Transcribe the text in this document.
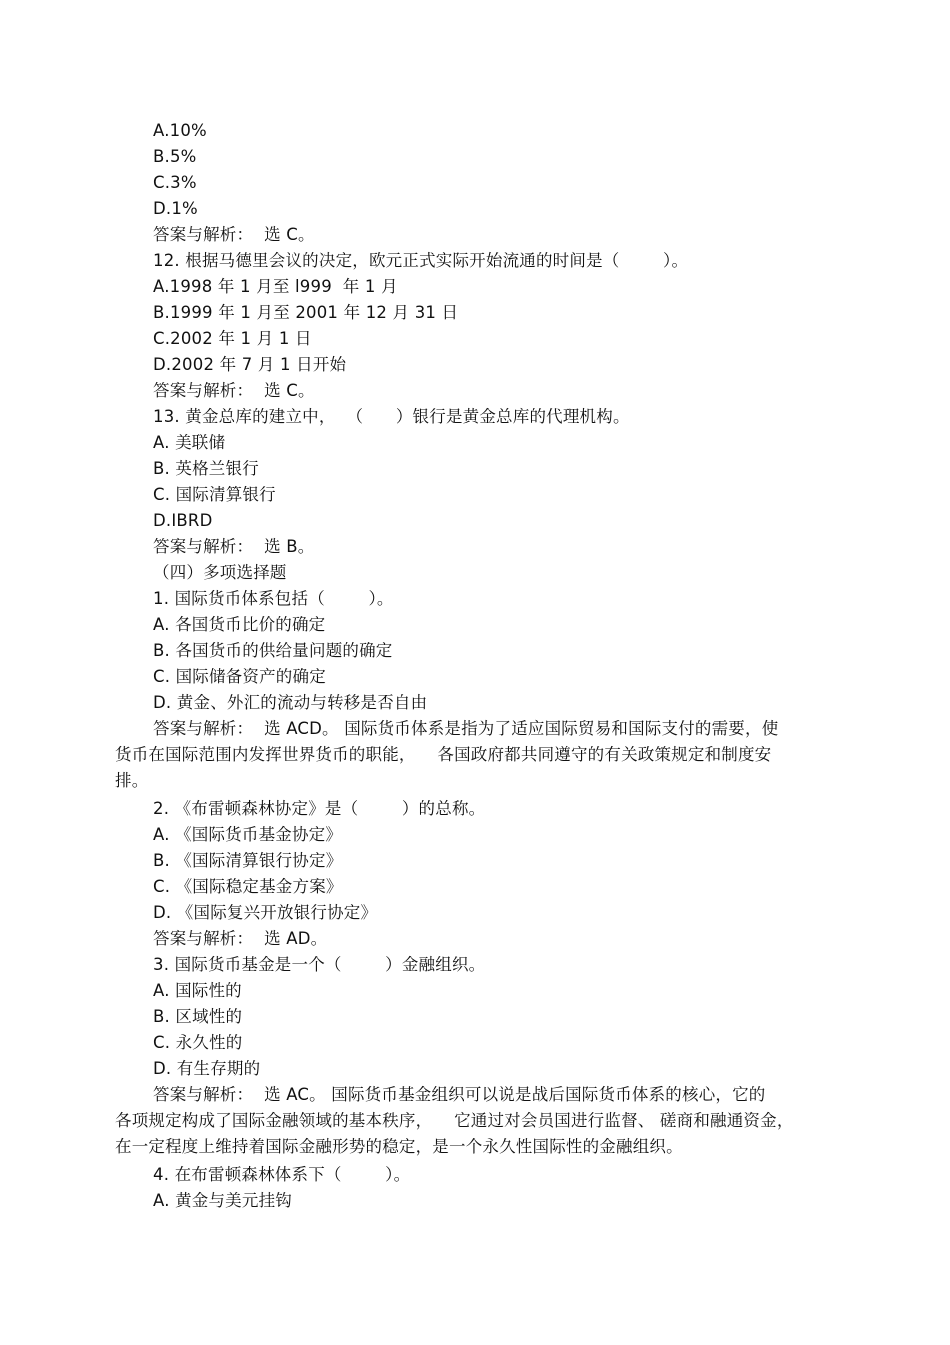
A.10%
B.5%
C.3%
D.1%
答案与解析：  选 C。
12. 根据马德里会议的决定，欧元正式实际开始流通的时间是（        ）。
A.1998 年 1 月至 l999  年 1 月
B.1999 年 1 月至 2001 年 12 月 31 日
C.2002 年 1 月 1 日
D.2002 年 7 月 1 日开始
答案与解析：  选 C。
13. 黄金总库的建立中，  （      ）银行是黄金总库的代理机构。
A. 美联储
B. 英格兰银行
C. 国际清算银行
D.IBRD
答案与解析：  选 B。
（四）多项选择题
1. 国际货币体系包括（        ）。
A. 各国货币比价的确定
B. 各国货币的供给量问题的确定
C. 国际储备资产的确定
D. 黄金、外汇的流动与转移是否自由
答案与解析：  选 ACD。 国际货币体系是指为了适应国际贸易和国际支付的需要，使
货币在国际范围内发挥世界货币的职能，    各国政府都共同遵守的有关政策规定和制度安
排。
2. 《布雷顿森林协定》是（        ）的总称。
A. 《国际货币基金协定》
B. 《国际清算银行协定》
C. 《国际稳定基金方案》
D. 《国际复兴开放银行协定》
答案与解析：  选 AD。
3. 国际货币基金是一个（        ）金融组织。
A. 国际性的
B. 区域性的
C. 永久性的
D. 有生存期的
答案与解析：  选 AC。 国际货币基金组织可以说是战后国际货币体系的核心，它的
各项规定构成了国际金融领域的基本秩序，    它通过对会员国进行监督、 磋商和融通资金，
在一定程度上维持着国际金融形势的稳定，是一个永久性国际性的金融组织。
4. 在布雷顿森林体系下（        ）。
A. 黄金与美元挂钩
